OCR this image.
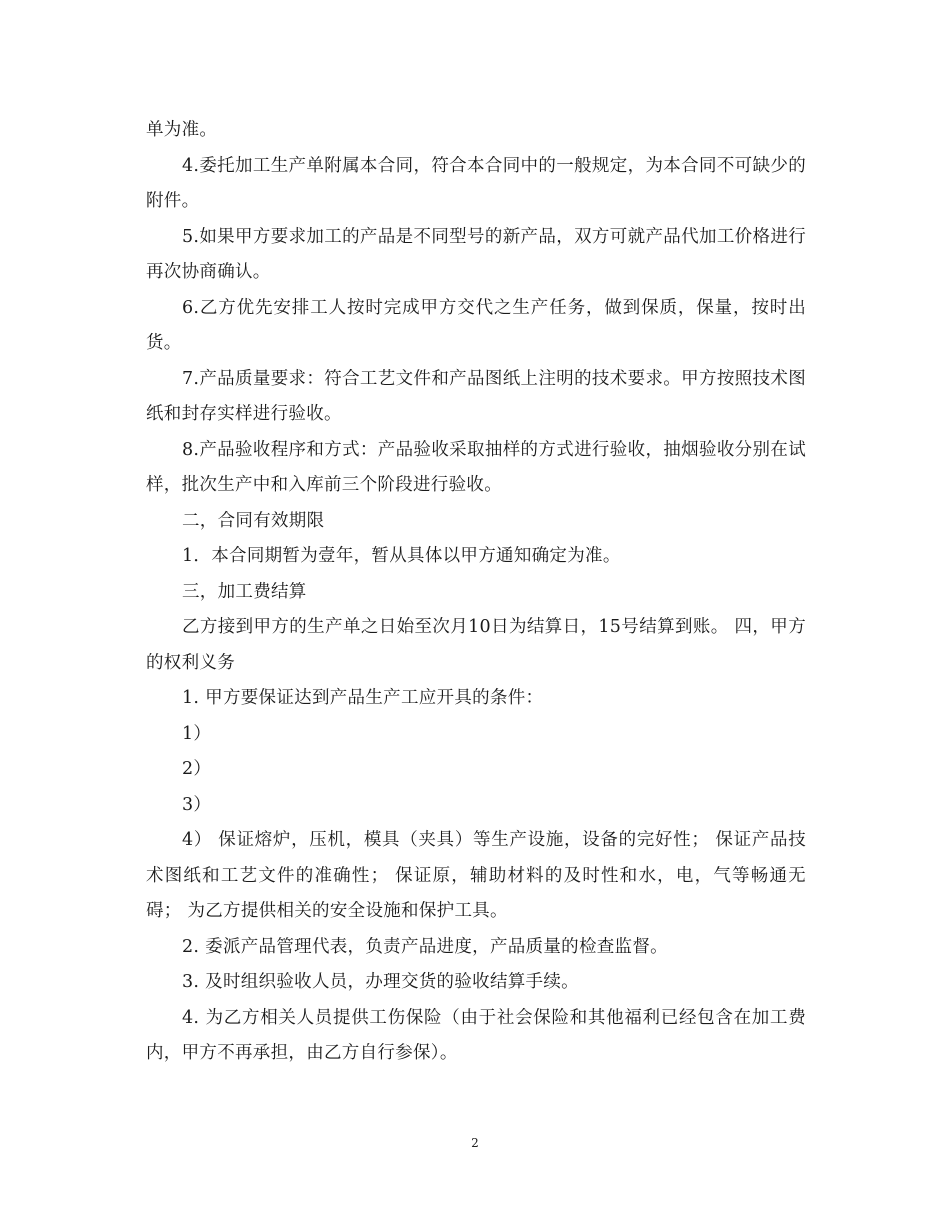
单为准。

4.委托加工生产单附属本合同，符合本合同中的一般规定，为本合同不可缺少的附件。

5.如果甲方要求加工的产品是不同型号的新产品，双方可就产品代加工价格进行再次协商确认。

6.乙方优先安排工人按时完成甲方交代之生产任务，做到保质，保量，按时出货。

7.产品质量要求：符合工艺文件和产品图纸上注明的技术要求。甲方按照技术图纸和封存实样进行验收。

8.产品验收程序和方式：产品验收采取抽样的方式进行验收，抽烟验收分别在试样，批次生产中和入库前三个阶段进行验收。

二，合同有效期限

1．本合同期暂为壹年，暂从具体以甲方通知确定为准。

三，加工费结算

乙方接到甲方的生产单之日始至次月10日为结算日，15号结算到账。 四，甲方的权利义务

1. 甲方要保证达到产品生产工应开具的条件：

1）

2）

3）

4） 保证熔炉，压机，模具（夹具）等生产设施，设备的完好性； 保证产品技术图纸和工艺文件的准确性； 保证原，辅助材料的及时性和水，电，气等畅通无碍； 为乙方提供相关的安全设施和保护工具。

2. 委派产品管理代表，负责产品进度，产品质量的检查监督。

3. 及时组织验收人员，办理交货的验收结算手续。

4. 为乙方相关人员提供工伤保险（由于社会保险和其他福利已经包含在加工费内，甲方不再承担，由乙方自行参保）。

2
